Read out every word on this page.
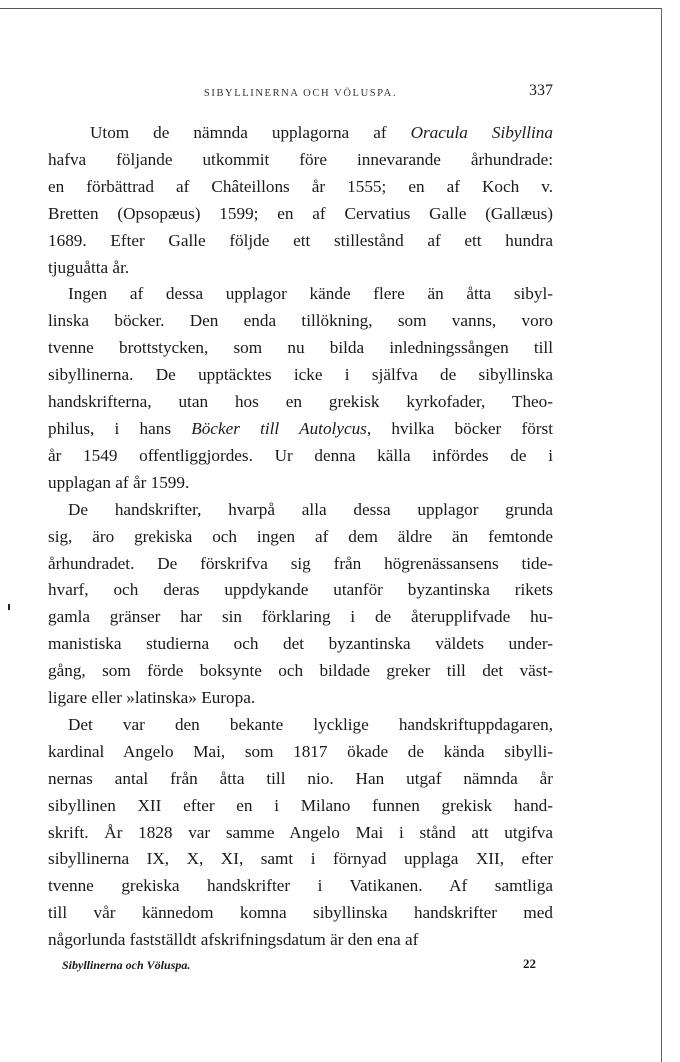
SIBYLLINERNA OCH VÖLUSPA.	337
Utom de nämnda upplagorna af Oracula Sibyllina
hafva följande utkommit före innevarande århundrade:
en förbättrad af Châteillons år 1555; en af Koch v.
Bretten (Opsopæus) 1599; en af Cervatius Galle (Gallæus)
1689. Efter Galle följde ett stillestånd af ett hundra
tjuguåtta år.
Ingen af dessa upplagor kände flere än åtta sibyl-
linska böcker. Den enda tillökning, som vanns, voro
tvenne brottstycken, som nu bilda inledningssången till
sibyllinerna. De upptäcktes icke i själfva de sibyllinska
handskrifterna, utan hos en grekisk kyrkofader, Theo-
philus, i hans Böcker till Autolycus, hvilka böcker först
år 1549 offentliggjordes. Ur denna källa infördes de i
upplagan af år 1599.
De handskrifter, hvarpå alla dessa upplagor grunda
sig, äro grekiska och ingen af dem äldre än femtonde
århundradet. De förskrifva sig från högrenässansens tide-
hvarf, och deras uppdykande utanför byzantinska rikets
gamla gränser har sin förklaring i de återupplifvade hu-
manistiska studierna och det byzantinska väldets under-
gång, som förde boksynte och bildade greker till det väst-
ligare eller »latinska» Europa.
Det var den bekante lycklige handskriftuppdagaren,
kardinal Angelo Mai, som 1817 ökade de kända sibylli-
nernas antal från åtta till nio. Han utgaf nämnda år
sibyllinen XII efter en i Milano funnen grekisk hand-
skrift. År 1828 var samme Angelo Mai i stånd att utgifva
sibyllinerna IX, X, XI, samt i förnyad upplaga XII, efter
tvenne grekiska handskrifter i Vatikanen. Af samtliga
till vår kännedom komna sibyllinska handskrifter med
någorlunda fastställdt afskrifningsdatum är den ena af
Sibyllinerna och Völuspa.	22
